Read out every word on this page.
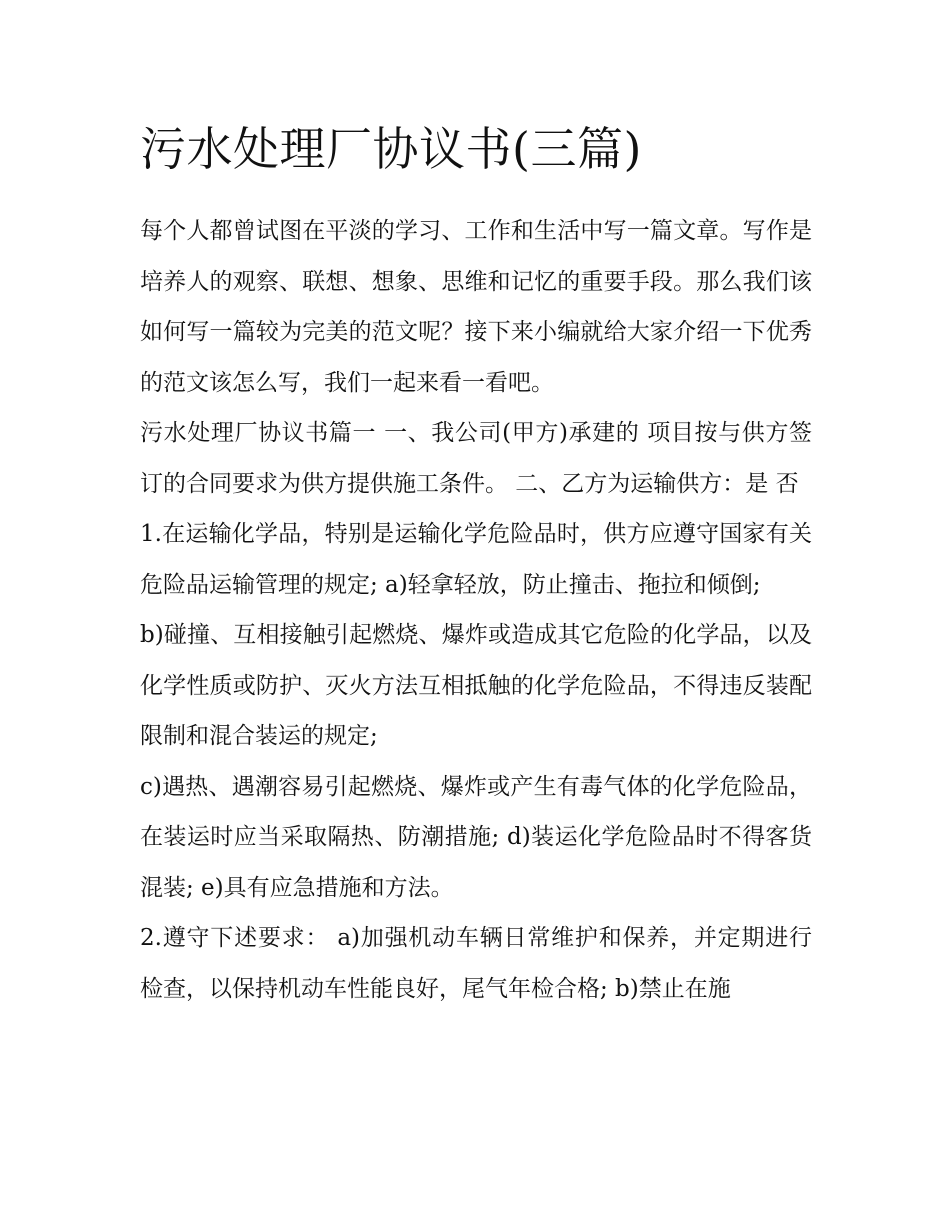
污水处理厂协议书(三篇)

每个人都曾试图在平淡的学习、工作和生活中写一篇文章。写作是培养人的观察、联想、想象、思维和记忆的重要手段。那么我们该如何写一篇较为完美的范文呢？接下来小编就给大家介绍一下优秀的范文该怎么写，我们一起来看一看吧。

污水处理厂协议书篇一 一、我公司(甲方)承建的 项目按与供方签订的合同要求为供方提供施工条件。 二、乙方为运输供方：是 否

1.在运输化学品，特别是运输化学危险品时，供方应遵守国家有关危险品运输管理的规定; a)轻拿轻放，防止撞击、拖拉和倾倒;

b)碰撞、互相接触引起燃烧、爆炸或造成其它危险的化学品，以及化学性质或防护、灭火方法互相抵触的化学危险品，不得违反装配限制和混合装运的规定;

c)遇热、遇潮容易引起燃烧、爆炸或产生有毒气体的化学危险品，在装运时应当采取隔热、防潮措施; d)装运化学危险品时不得客货混装; e)具有应急措施和方法。

2.遵守下述要求： a)加强机动车辆日常维护和保养，并定期进行检查，以保持机动车性能良好，尾气年检合格; b)禁止在施
